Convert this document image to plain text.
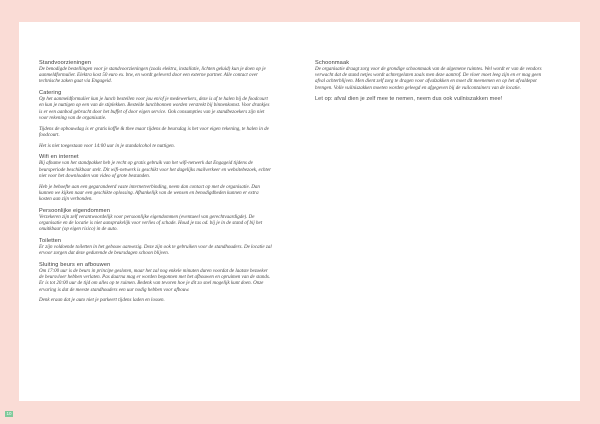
Standvoorzieningen

De benodigde bestellingen voor je standvoorzieningen (zoals elektra, installatie, lichten geluid) kun je doen op je aanmeldformulier. Elektra kost 50 euro ex. btw, en wordt geleverd door een externe partner. Alle contact over technische zaken gaat via Engageid.

Catering

Op het aanmeldformulier kun je lunch bestellen voor jou en/of je medewerkers, deze is af te halen bij de foodcourt en kun je nuttigen op een van de stiplekken. Bestelde lunchbonnen worden verstrekt bij binnenkomst. Voor drankjes is er een aanbod gebracht door het buffet of door eigen service. Ook consumpties van je standbezoekers zijn niet voor rekening van de organisatie.

Tijdens de opbouwdag is er gratis koffie & thee maar tijdens de beursdag is het voor eigen rekening, te halen in de foodcourt.

Het is niet toegestaan voor 14:00 uur in je standalcohol te nuttigen.

Wifi en internet

Bij afname van het standpakket heb je recht op gratis gebruik van het wifi-netwerk dat Engageid tijdens de beursperiode beschikbaar stelt. Dit wifi-netwerk is geschikt voor het dagelijks mailverkeer en websitebezoek, echter niet voor het downloaden van video of grote bestanden.

Heb je behoefte aan een gegarandeerd vaste internetverbinding, neem dan contact op met de organisatie. Dan kunnen we kijken naar een geschikte oplossing. Afhankelijk van de wensen en benodigdheden kunnen er extra kosten aan zijn verbonden.

Persoonlijke eigendommen

Verzekeren zijn zelf verantwoordelijk voor persoonlijke eigendommen (eventueel van gerechtvaardigde). De organisatie en de locatie is niet aansprakelijk voor verlies of schade. Houd je tas od. bij je in de stand of bij het onuitkbaar (op eigen risico) in de auto.

Toiletten

Er zijn voldoende toiletten in het gebouw aanwezig. Deze zijn ook te gebruiken voor de standhouders. De locatie zal ervoor zorgen dat deze gedurende de beursdagen schoon blijven.

Sluiting beurs en afbouwen

Om 17:00 uur is de beurs in principe gesloten, maar het zal nog enkele minuten duren voordat de laatste bezoeker de beursvloer hebben verlaten. Pas daarna mag er worden begonnen met het afbouwen en opruimen van de stands. Er is tot 20:00 uur de tijd om alles op te ruimen. Bedenk van tevoren hoe je dit zo snel mogelijk kunt doen. Onze ervaring is dat de meeste standhouders een uur nodig hebben voor afbouw.

Denk eraan dat je auto niet je parkeert tijdens laden en lossen.

Schoonmaak

De organisatie draagt zorg voor de grondige schoonmaak van de algemene ruimtes. Wel wordt er van de vendors verwacht dat de stand netjes wordt achtergelaten zoals men deze aantrof. De vloer moet leeg zijn en er mag geen afval achterblijven. Men dient zelf zorg te dragen voor afvalzakken en moet dit meenemen en op het afvaldepot brengen. Volle vuilniszakken moeten worden geleegd en afgegeven bij de vuilcontainers van de locatie.

Let op: afval dien je zelf mee te nemen, neem dus ook vuilniszakken mee!

10
